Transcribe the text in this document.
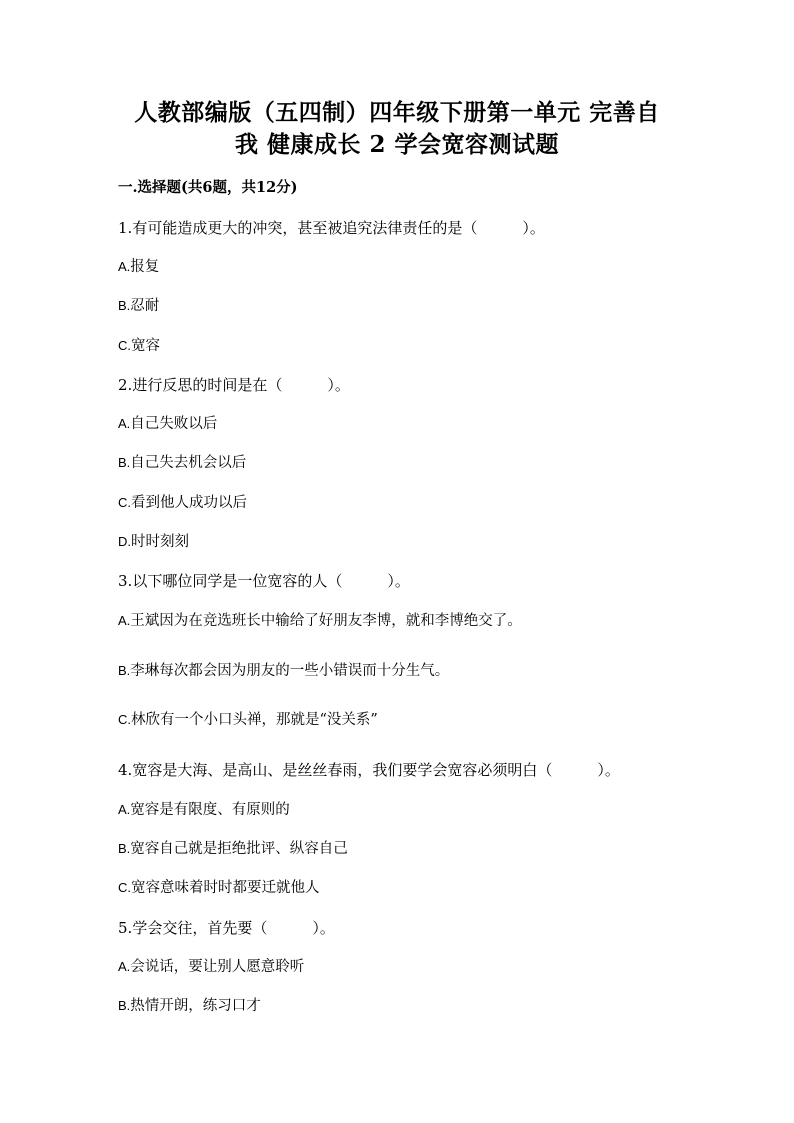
人教部编版（五四制）四年级下册第一单元 完善自
我 健康成长 2 学会宽容测试题
一.选择题(共6题，共12分)
1.有可能造成更大的冲突，甚至被追究法律责任的是（　　　）。
A.报复
B.忍耐
C.宽容
2.进行反思的时间是在（　　　）。
A.自己失败以后
B.自己失去机会以后
C.看到他人成功以后
D.时时刻刻
3.以下哪位同学是一位宽容的人（　　　）。
A.王斌因为在竞选班长中输给了好朋友李博，就和李博绝交了。
B.李琳每次都会因为朋友的一些小错误而十分生气。
C.林欣有一个小口头禅，那就是“没关系”
4.宽容是大海、是高山、是丝丝春雨，我们要学会宽容必须明白（　　　）。
A.宽容是有限度、有原则的
B.宽容自己就是拒绝批评、纵容自己
C.宽容意味着时时都要迁就他人
5.学会交往，首先要（　　　）。
A.会说话，要让别人愿意聆听
B.热情开朗，练习口才
